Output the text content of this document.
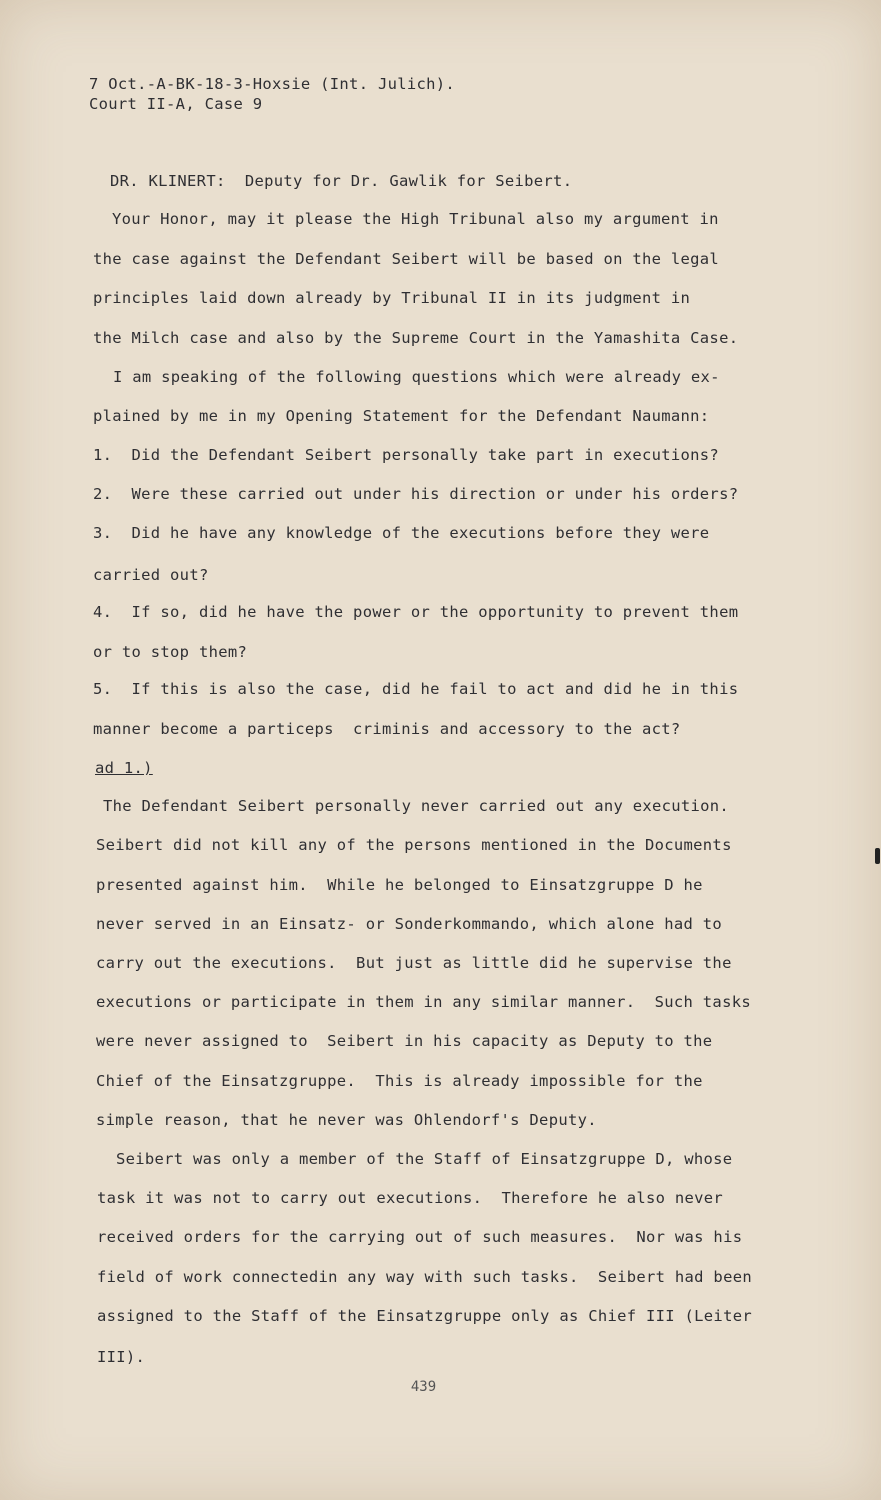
7 Oct.-A-BK-18-3-Hoxsie (Int. Julich).
Court II-A, Case 9
DR. KLINERT:  Deputy for Dr. Gawlik for Seibert.
Your Honor, may it please the High Tribunal also my argument in
the case against the Defendant Seibert will be based on the legal
principles laid down already by Tribunal II in its judgment in
the Milch case and also by the Supreme Court in the Yamashita Case.
I am speaking of the following questions which were already ex-
plained by me in my Opening Statement for the Defendant Naumann:
1.  Did the Defendant Seibert personally take part in executions?
2.  Were these carried out under his direction or under his orders?
3.  Did he have any knowledge of the executions before they were
carried out?
4.  If so, did he have the power or the opportunity to prevent them
or to stop them?
5.  If this is also the case, did he fail to act and did he in this
manner become a particeps  criminis and accessory to the act?
ad 1.)
The Defendant Seibert personally never carried out any execution.
Seibert did not kill any of the persons mentioned in the Documents
presented against him.  While he belonged to Einsatzgruppe D he
never served in an Einsatz- or Sonderkommando, which alone had to
carry out the executions.  But just as little did he supervise the
executions or participate in them in any similar manner.  Such tasks
were never assigned to  Seibert in his capacity as Deputy to the
Chief of the Einsatzgruppe.  This is already impossible for the
simple reason, that he never was Ohlendorf's Deputy.
Seibert was only a member of the Staff of Einsatzgruppe D, whose
task it was not to carry out executions.  Therefore he also never
received orders for the carrying out of such measures.  Nor was his
field of work connectedin any way with such tasks.  Seibert had been
assigned to the Staff of the Einsatzgruppe only as Chief III (Leiter
III).
439
